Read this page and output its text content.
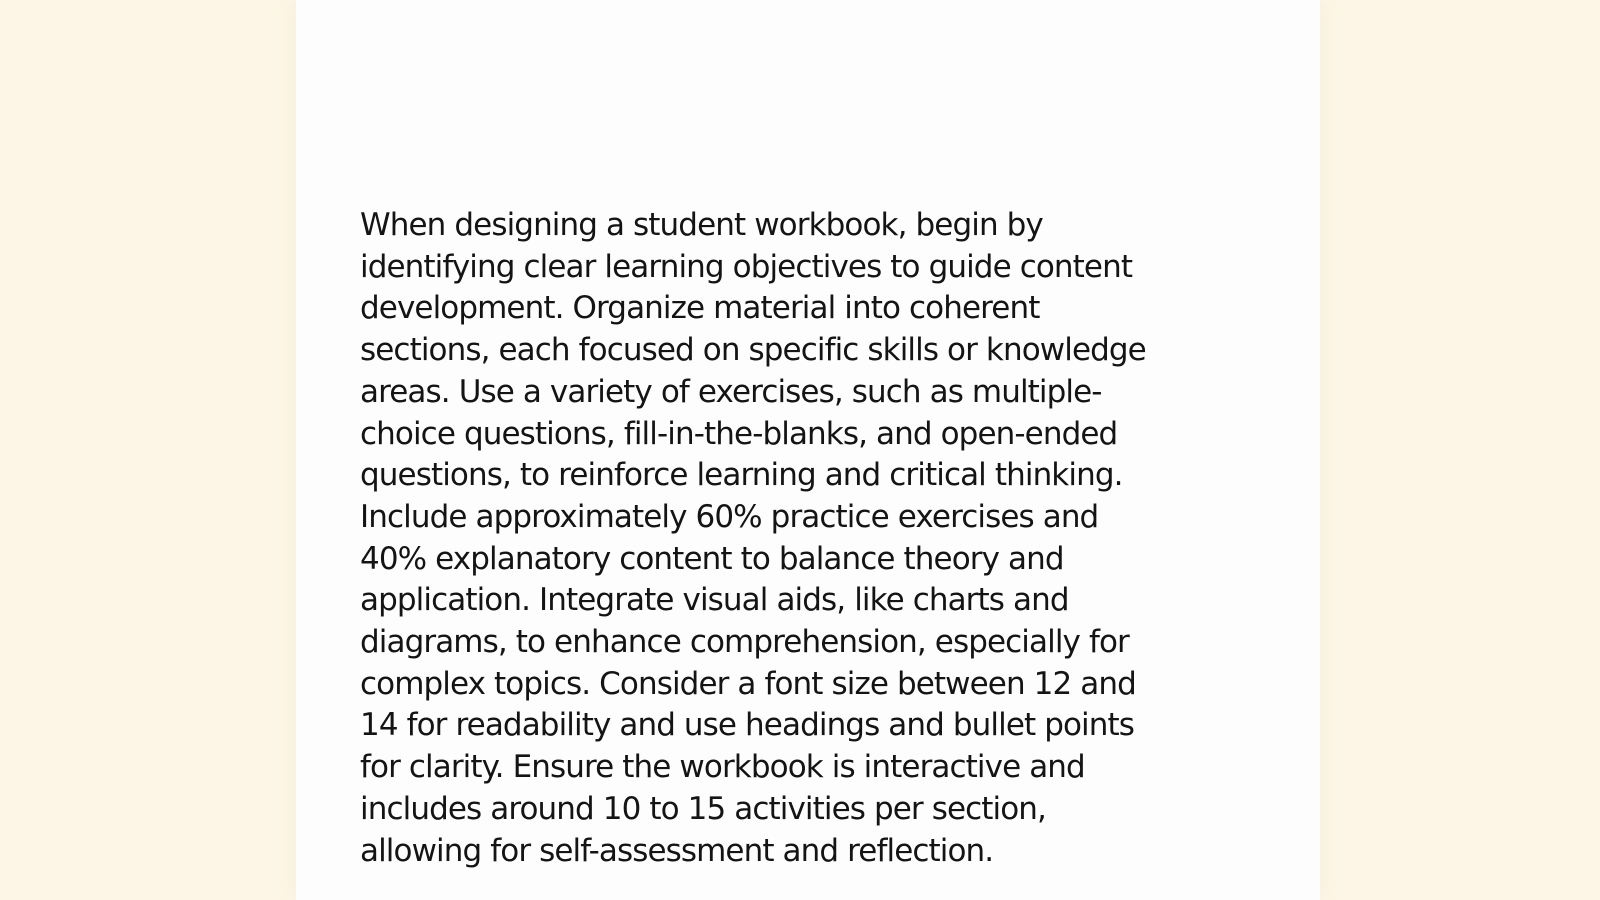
When designing a student workbook, begin by
identifying clear learning objectives to guide content
development. Organize material into coherent
sections, each focused on specific skills or knowledge
areas. Use a variety of exercises, such as multiple-
choice questions, fill-in-the-blanks, and open-ended
questions, to reinforce learning and critical thinking.
Include approximately 60% practice exercises and
40% explanatory content to balance theory and
application. Integrate visual aids, like charts and
diagrams, to enhance comprehension, especially for
complex topics. Consider a font size between 12 and
14 for readability and use headings and bullet points
for clarity. Ensure the workbook is interactive and
includes around 10 to 15 activities per section,
allowing for self-assessment and reflection.
